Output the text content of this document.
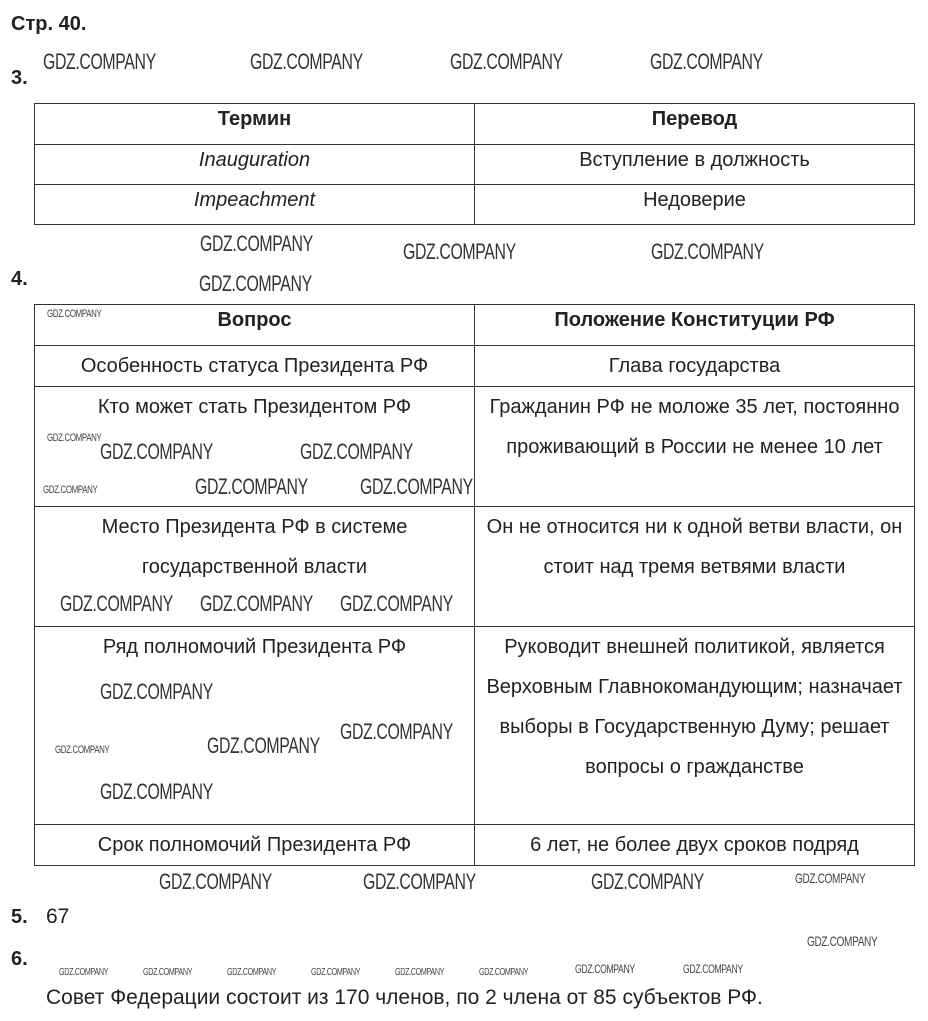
Стр. 40.
3.
Термин	Перевод
Inauguration	Вступление в должность
Impeachment	Недоверие
4.
Вопрос	Положение Конституции РФ
Особенность статуса Президента РФ	Глава государства
Кто может стать Президентом РФ	Гражданин РФ не моложе 35 лет, постоянно проживающий в России не менее 10 лет
Место Президента РФ в системе государственной власти	Он не относится ни к одной ветви власти, он стоит над тремя ветвями власти
Ряд полномочий Президента РФ	Руководит внешней политикой, является Верховным Главнокомандующим; назначает выборы в Государственную Думу; решает вопросы о гражданстве
Срок полномочий Президента РФ	6 лет, не более двух сроков подряд
5. 67
6.
Совет Федерации состоит из 170 членов, по 2 члена от 85 субъектов РФ.
GDZ.COMPANY	GDZ.COMPANY	GDZ.COMPANY	GDZ.COMPANY
GDZ.COMPANY	GDZ.COMPANY	GDZ.COMPANY
GDZ.COMPANY
GDZ.COMPANY
GDZ.COMPANY
GDZ.COMPANY
GDZ.COMPANY
GDZ.COMPANY	GDZ.COMPANY GDZ.COMPANY
GDZ.COMPANY
GDZ.COMPANY GDZ.COMPANY
GDZ.COMPANY
GDZ.COMPANY
GDZ.COMPANY
GDZ.COMPANY
GDZ.COMPANY
GDZ.COMPANY	GDZ.COMPANY	GDZ.COMPANY	GDZ.COMPANY
GDZ.COMPANY
GDZ.COMPANY	GDZ.COMPANY	GDZ.COMPANY	GDZ.COMPANY	GDZ.COMPANY	GDZ.COMPANY	GDZ.COMPANY	GDZ.COMPANY
